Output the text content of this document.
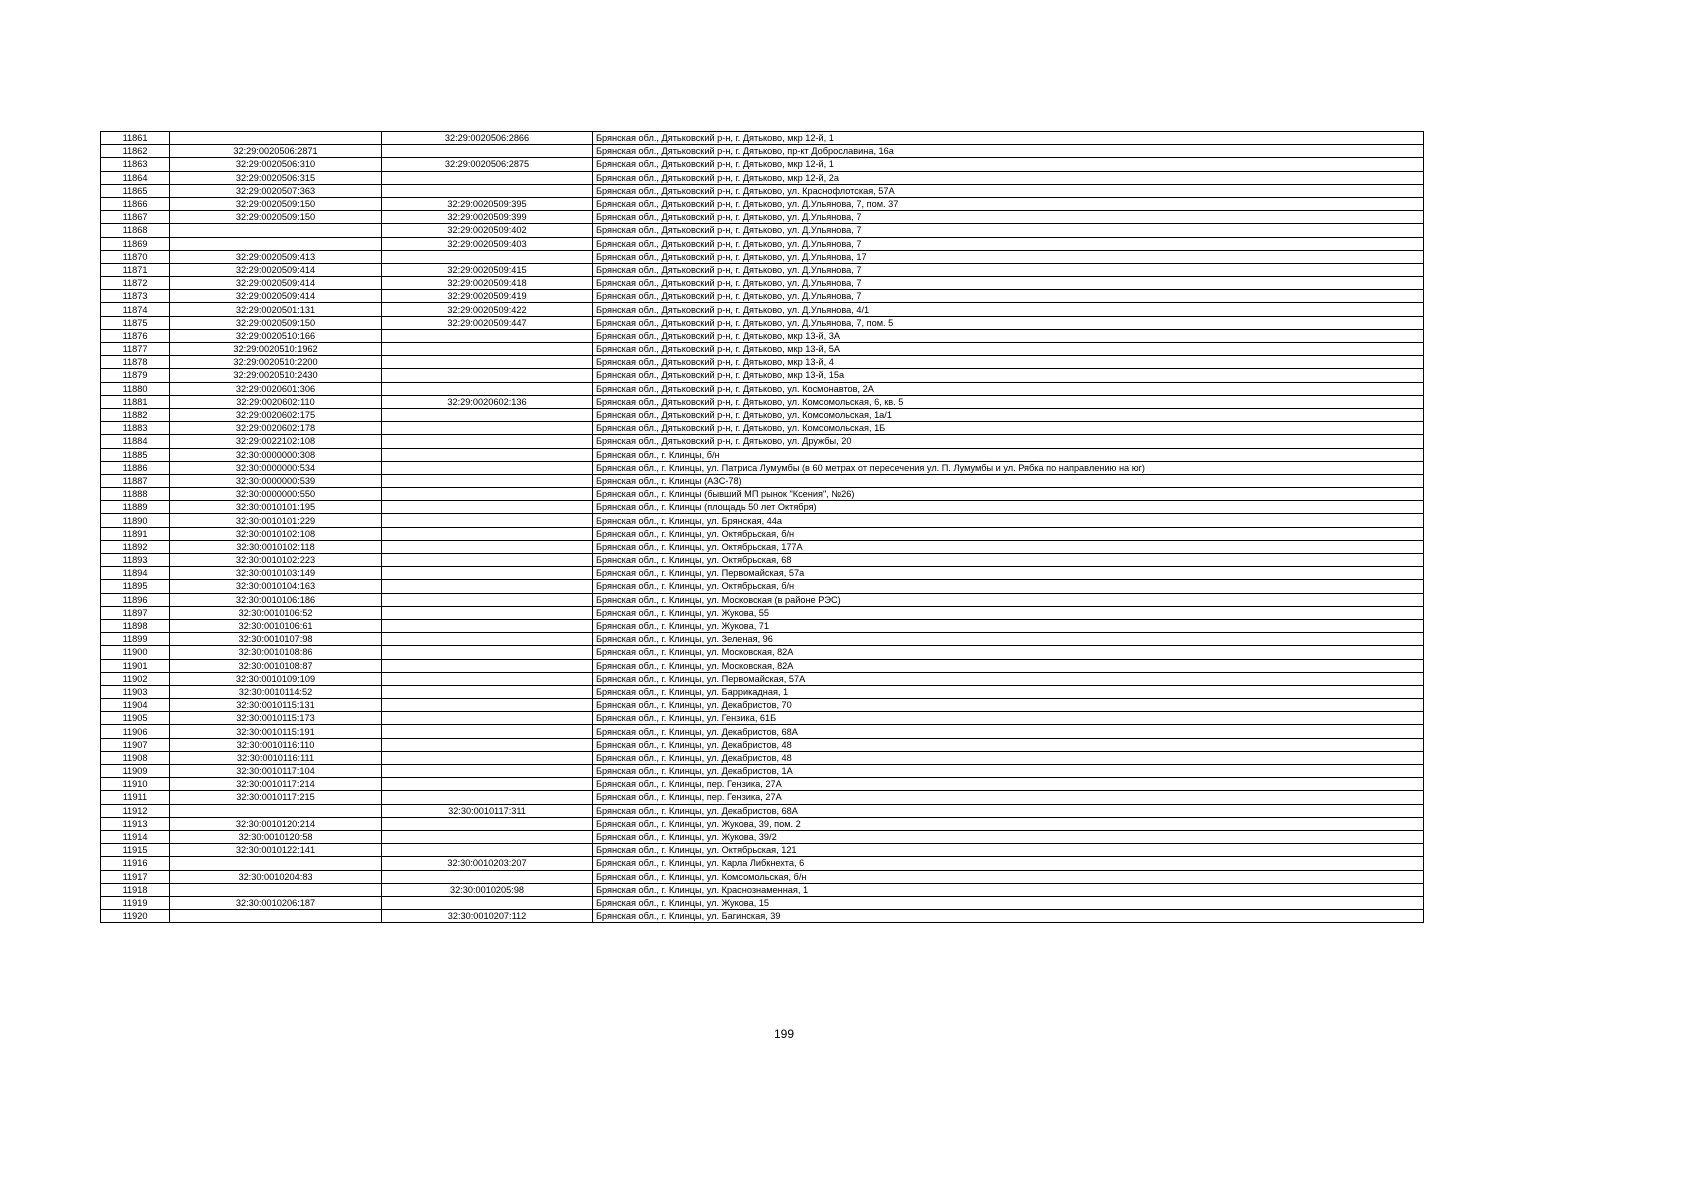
11861		32:29:0020506:2866	Брянская обл., Дятьковский р-н, г. Дятьково, мкр 12-й, 1
11862	32:29:0020506:2871		Брянская обл., Дятьковский р-н, г. Дятьково, пр-кт Доброславина, 16а
11863	32:29:0020506:310	32:29:0020506:2875	Брянская обл., Дятьковский р-н, г. Дятьково, мкр 12-й, 1
11864	32:29:0020506:315		Брянская обл., Дятьковский р-н, г. Дятьково, мкр 12-й, 2а
11865	32:29:0020507:363		Брянская обл., Дятьковский р-н, г. Дятьково, ул. Краснофлотская, 57А
11866	32:29:0020509:150	32:29:0020509:395	Брянская обл., Дятьковский р-н, г. Дятьково, ул. Д.Ульянова, 7, пом. 37
11867	32:29:0020509:150	32:29:0020509:399	Брянская обл., Дятьковский р-н, г. Дятьково, ул. Д.Ульянова, 7
11868		32:29:0020509:402	Брянская обл., Дятьковский р-н, г. Дятьково, ул. Д.Ульянова, 7
11869		32:29:0020509:403	Брянская обл., Дятьковский р-н, г. Дятьково, ул. Д.Ульянова, 7
11870	32:29:0020509:413		Брянская обл., Дятьковский р-н, г. Дятьково, ул. Д.Ульянова, 17
11871	32:29:0020509:414	32:29:0020509:415	Брянская обл., Дятьковский р-н, г. Дятьково, ул. Д.Ульянова, 7
11872	32:29:0020509:414	32:29:0020509:418	Брянская обл., Дятьковский р-н, г. Дятьково, ул. Д.Ульянова, 7
11873	32:29:0020509:414	32:29:0020509:419	Брянская обл., Дятьковский р-н, г. Дятьково, ул. Д.Ульянова, 7
11874	32:29:0020501:131	32:29:0020509:422	Брянская обл., Дятьковский р-н, г. Дятьково, ул. Д.Ульянова, 4/1
11875	32:29:0020509:150	32:29:0020509:447	Брянская обл., Дятьковский р-н, г. Дятьково, ул. Д.Ульянова, 7, пом. 5
11876	32:29:0020510:166		Брянская обл., Дятьковский р-н, г. Дятьково, мкр 13-й, 3А
11877	32:29:0020510:1962		Брянская обл., Дятьковский р-н, г. Дятьково, мкр 13-й, 5А
11878	32:29:0020510:2200		Брянская обл., Дятьковский р-н, г. Дятьково, мкр 13-й, 4
11879	32:29:0020510:2430		Брянская обл., Дятьковский р-н, г. Дятьково, мкр 13-й, 15а
11880	32:29:0020601:306		Брянская обл., Дятьковский р-н, г. Дятьково, ул. Космонавтов, 2А
11881	32:29:0020602:110	32:29:0020602:136	Брянская обл., Дятьковский р-н, г. Дятьково, ул. Комсомольская, 6, кв. 5
11882	32:29:0020602:175		Брянская обл., Дятьковский р-н, г. Дятьково, ул. Комсомольская, 1а/1
11883	32:29:0020602:178		Брянская обл., Дятьковский р-н, г. Дятьково, ул. Комсомольская, 1Б
11884	32:29:0022102:108		Брянская обл., Дятьковский р-н, г. Дятьково, ул. Дружбы, 20
11885	32:30:0000000:308		Брянская обл., г. Клинцы, б/н
11886	32:30:0000000:534		Брянская обл., г. Клинцы, ул. Патриса Лумумбы (в 60 метрах от пересечения ул. П. Лумумбы и ул. Рябка по направлению на юг)
11887	32:30:0000000:539		Брянская обл., г. Клинцы (АЗС-78)
11888	32:30:0000000:550		Брянская обл., г. Клинцы (бывший МП рынок "Ксения", №26)
11889	32:30:0010101:195		Брянская обл., г. Клинцы (площадь 50 лет Октября)
11890	32:30:0010101:229		Брянская обл., г. Клинцы, ул. Брянская, 44а
11891	32:30:0010102:108		Брянская обл., г. Клинцы, ул. Октябрьская, б/н
11892	32:30:0010102:118		Брянская обл., г. Клинцы, ул. Октябрьская, 177А
11893	32:30:0010102:223		Брянская обл., г. Клинцы, ул. Октябрьская, 68
11894	32:30:0010103:149		Брянская обл., г. Клинцы, ул. Первомайская, 57а
11895	32:30:0010104:163		Брянская обл., г. Клинцы, ул. Октябрьская, б/н
11896	32:30:0010106:186		Брянская обл., г. Клинцы, ул. Московская (в районе РЭС)
11897	32:30:0010106:52		Брянская обл., г. Клинцы, ул. Жукова, 55
11898	32:30:0010106:61		Брянская обл., г. Клинцы, ул. Жукова, 71
11899	32:30:0010107:98		Брянская обл., г. Клинцы, ул. Зеленая, 96
11900	32:30:0010108:86		Брянская обл., г. Клинцы, ул. Московская, 82А
11901	32:30:0010108:87		Брянская обл., г. Клинцы, ул. Московская, 82А
11902	32:30:0010109:109		Брянская обл., г. Клинцы, ул. Первомайская, 57А
11903	32:30:0010114:52		Брянская обл., г. Клинцы, ул. Баррикадная, 1
11904	32:30:0010115:131		Брянская обл., г. Клинцы, ул. Декабристов, 70
11905	32:30:0010115:173		Брянская обл., г. Клинцы, ул. Гензика, 61Б
11906	32:30:0010115:191		Брянская обл., г. Клинцы, ул. Декабристов, 68А
11907	32:30:0010116:110		Брянская обл., г. Клинцы, ул. Декабристов, 48
11908	32:30:0010116:111		Брянская обл., г. Клинцы, ул. Декабристов, 48
11909	32:30:0010117:104		Брянская обл., г. Клинцы, ул. Декабристов, 1А
11910	32:30:0010117:214		Брянская обл., г. Клинцы, пер. Гензика, 27А
11911	32:30:0010117:215		Брянская обл., г. Клинцы, пер. Гензика, 27А
11912		32:30:0010117:311	Брянская обл., г. Клинцы, ул. Декабристов, 68А
11913	32:30:0010120:214		Брянская обл., г. Клинцы, ул. Жукова, 39, пом. 2
11914	32:30:0010120:58		Брянская обл., г. Клинцы, ул. Жукова, 39/2
11915	32:30:0010122:141		Брянская обл., г. Клинцы, ул. Октябрьская, 121
11916		32:30:0010203:207	Брянская обл., г. Клинцы, ул. Карла Либкнехта, 6
11917	32:30:0010204:83		Брянская обл., г. Клинцы, ул. Комсомольская, б/н
11918		32:30:0010205:98	Брянская обл., г. Клинцы, ул. Краснознаменная, 1
11919	32:30:0010206:187		Брянская обл., г. Клинцы, ул. Жукова, 15
11920		32:30:0010207:112	Брянская обл., г. Клинцы, ул. Багинская, 39
199
